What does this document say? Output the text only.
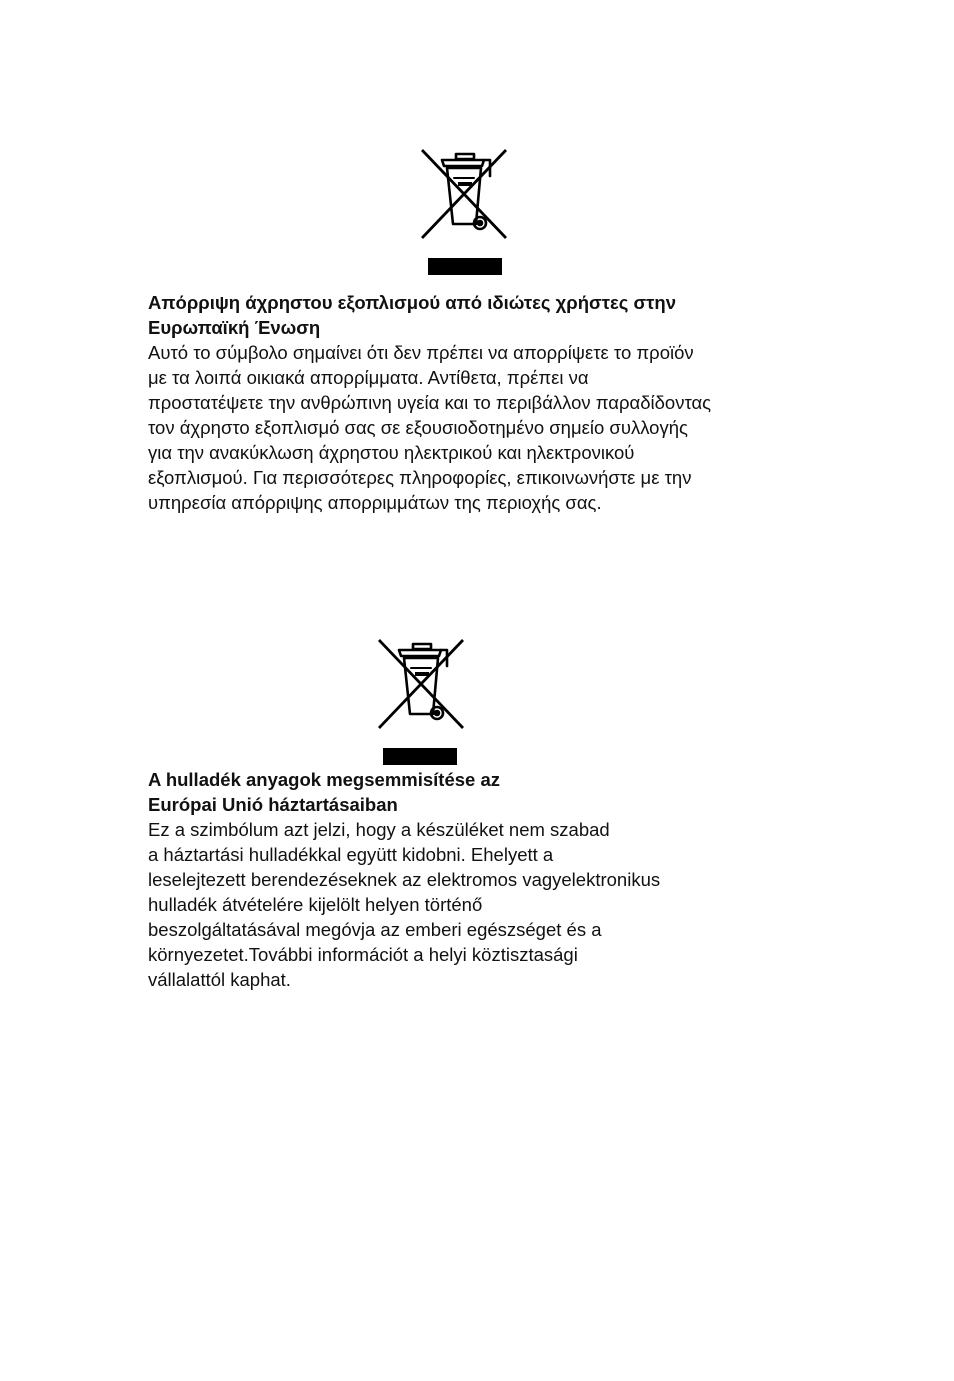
Απόρριψη άχρηστου εξοπλισμού από ιδιώτες χρήστες στην
Ευρωπαϊκή Ένωση
Αυτό το σύμβολο σημαίνει ότι δεν πρέπει να απορρίψετε το προϊόν
με τα λοιπά οικιακά απορρίμματα. Αντίθετα, πρέπει να
προστατέψετε την ανθρώπινη υγεία και το περιβάλλον παραδίδοντας
τον άχρηστο εξοπλισμό σας σε εξουσιοδοτημένο σημείο συλλογής
για την ανακύκλωση άχρηστου ηλεκτρικού και ηλεκτρονικού
εξοπλισμού. Για περισσότερες πληροφορίες, επικοινωνήστε με την
υπηρεσία απόρριψης απορριμμάτων της περιοχής σας.
A hulladék anyagok megsemmisítése az
Európai Unió háztartásaiban
Ez a szimbólum azt jelzi, hogy a készüléket nem szabad
a háztartási hulladékkal együtt kidobni. Ehelyett a
leselejtezett berendezéseknek az elektromos vagyelektronikus
hulladék átvételére kijelölt helyen történő
beszolgáltatásával megóvja az emberi egészséget és a
környezetet.További információt a helyi köztisztasági
vállalattól kaphat.
